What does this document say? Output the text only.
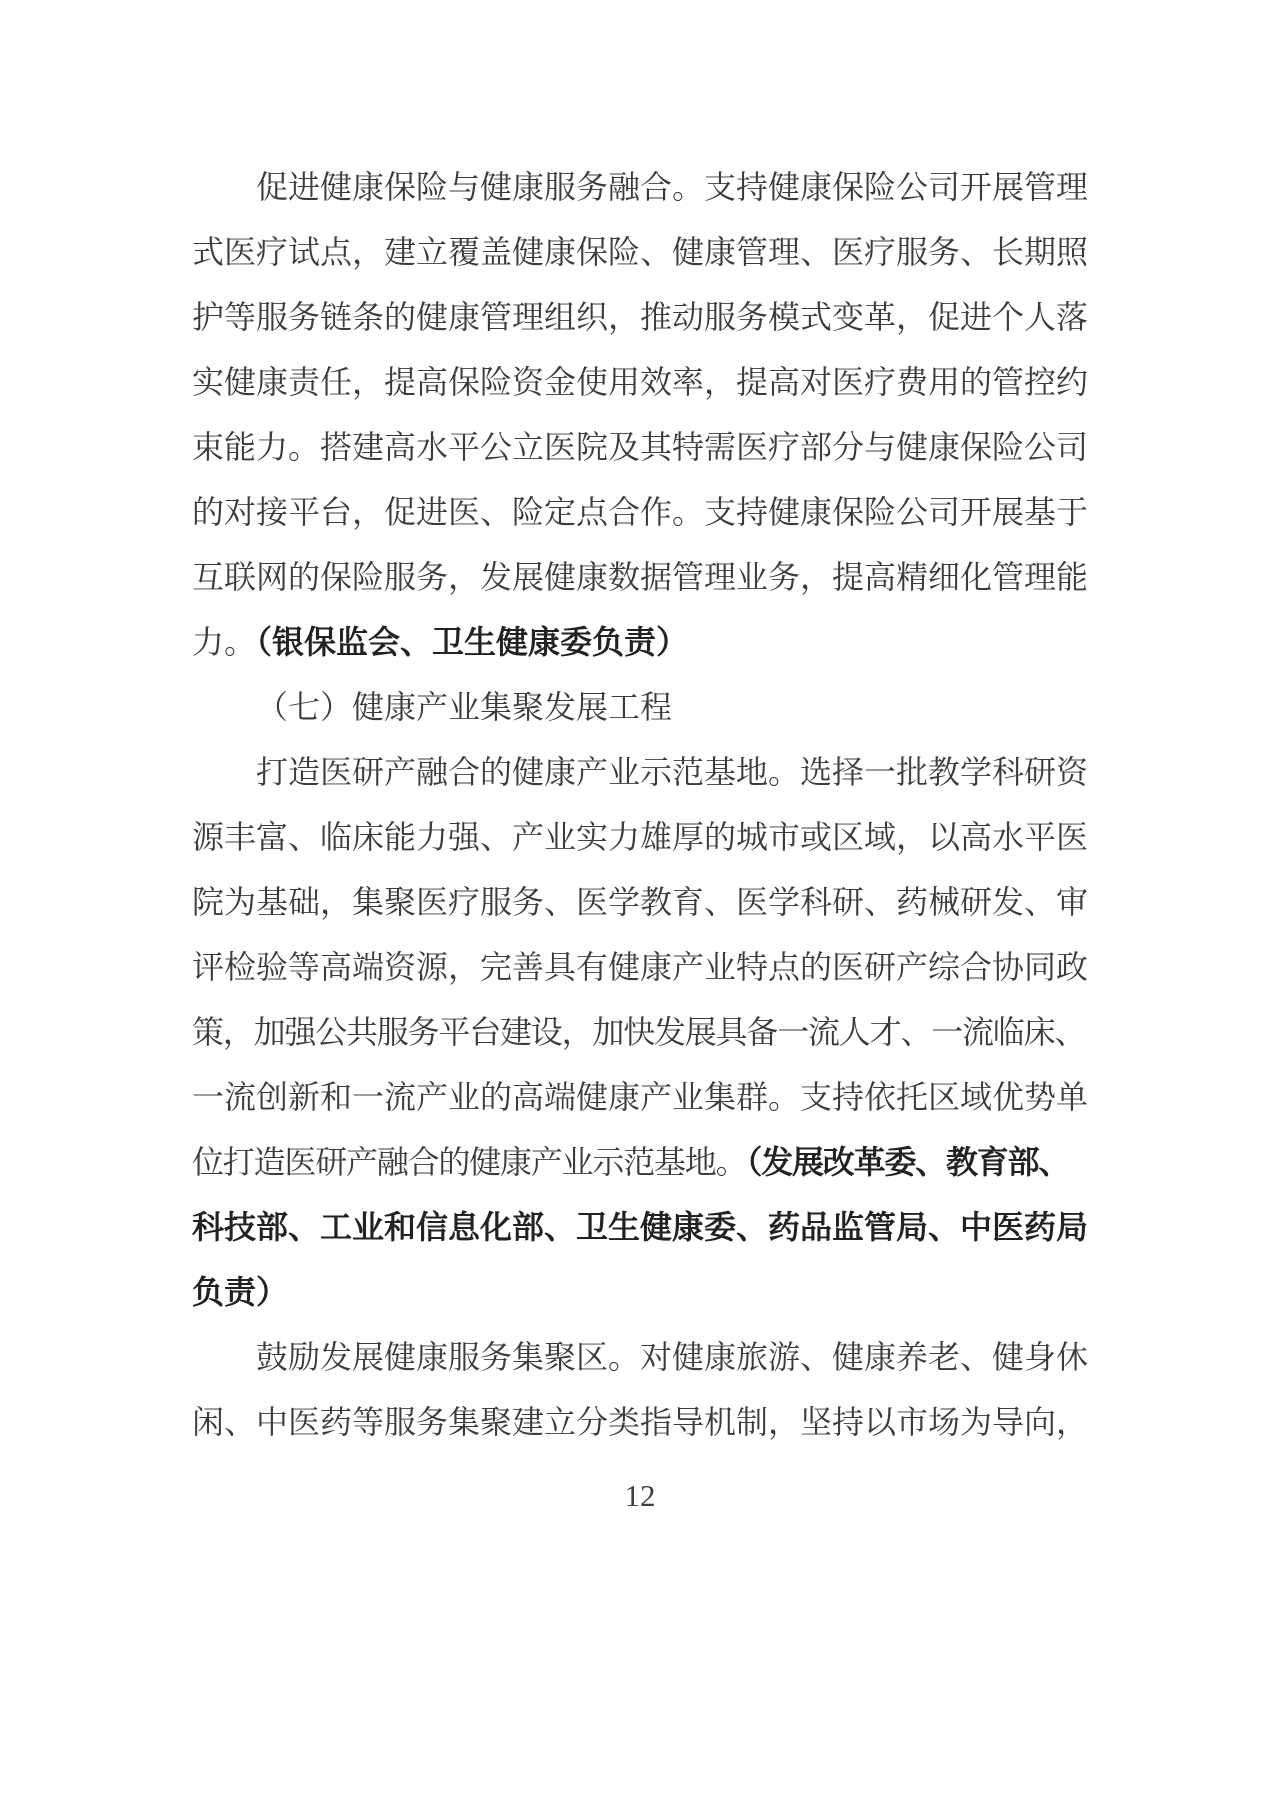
促进健康保险与健康服务融合。支持健康保险公司开展管理
式医疗试点，建立覆盖健康保险、健康管理、医疗服务、长期照
护等服务链条的健康管理组织，推动服务模式变革，促进个人落
实健康责任，提高保险资金使用效率，提高对医疗费用的管控约
束能力。搭建高水平公立医院及其特需医疗部分与健康保险公司
的对接平台，促进医、险定点合作。支持健康保险公司开展基于
互联网的保险服务，发展健康数据管理业务，提高精细化管理能
力。（银保监会、卫生健康委负责）
（七）健康产业集聚发展工程
打造医研产融合的健康产业示范基地。选择一批教学科研资
源丰富、临床能力强、产业实力雄厚的城市或区域，以高水平医
院为基础，集聚医疗服务、医学教育、医学科研、药械研发、审
评检验等高端资源，完善具有健康产业特点的医研产综合协同政
策，加强公共服务平台建设，加快发展具备一流人才、一流临床、
一流创新和一流产业的高端健康产业集群。支持依托区域优势单
位打造医研产融合的健康产业示范基地。（发展改革委、教育部、
科技部、工业和信息化部、卫生健康委、药品监管局、中医药局
负责）
鼓励发展健康服务集聚区。对健康旅游、健康养老、健身休
闲、中医药等服务集聚建立分类指导机制，坚持以市场为导向，
12
